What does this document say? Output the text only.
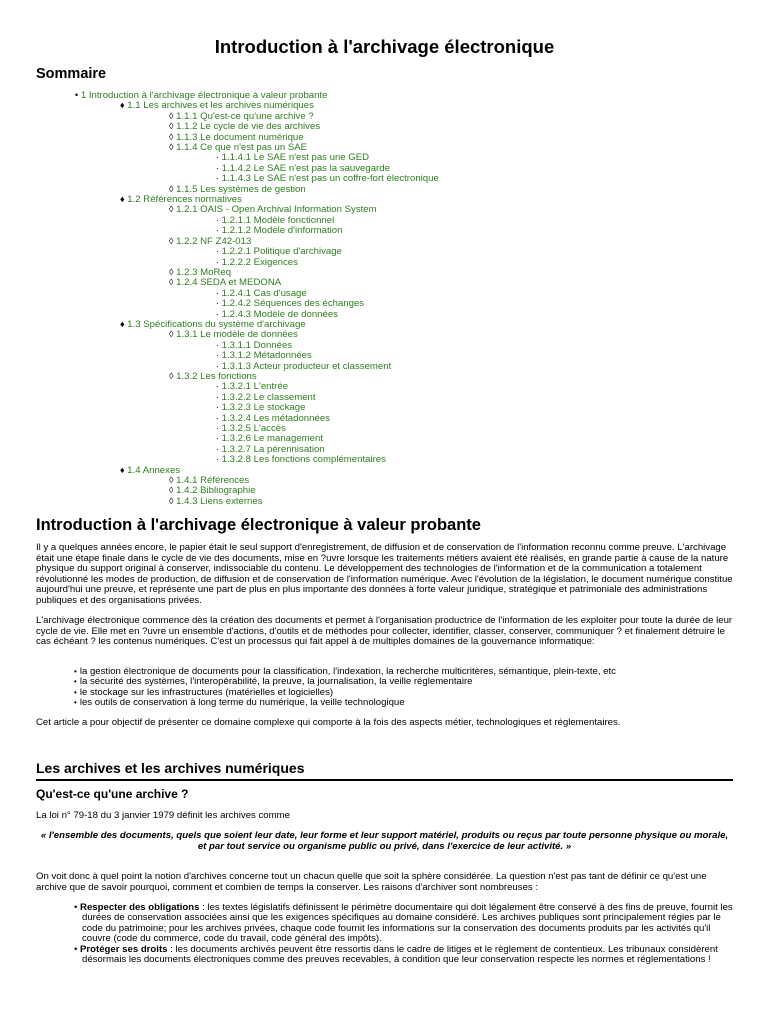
Introduction à l'archivage électronique
Sommaire
• 1 Introduction à l'archivage électronique à valeur probante
♦ 1.1 Les archives et les archives numériques
◊ 1.1.1 Qu'est-ce qu'une archive ?
◊ 1.1.2 Le cycle de vie des archives
◊ 1.1.3 Le document numérique
◊ 1.1.4 Ce que n'est pas un SAE
· 1.1.4.1 Le SAE n'est pas une GED
· 1.1.4.2 Le SAE n'est pas la sauvegarde
· 1.1.4.3 Le SAE n'est pas un coffre-fort électronique
◊ 1.1.5 Les systèmes de gestion
♦ 1.2 Références normatives
◊ 1.2.1 OAIS - Open Archival Information System
· 1.2.1.1 Modèle fonctionnel
· 1.2.1.2 Modèle d'information
◊ 1.2.2 NF Z42-013
· 1.2.2.1 Politique d'archivage
· 1.2.2.2 Exigences
◊ 1.2.3 MoReq
◊ 1.2.4 SEDA et MEDONA
· 1.2.4.1 Cas d'usage
· 1.2.4.2 Séquences des échanges
· 1.2.4.3 Modèle de données
♦ 1.3 Spécifications du système d'archivage
◊ 1.3.1 Le modèle de données
· 1.3.1.1 Données
· 1.3.1.2 Métadonnées
· 1.3.1.3 Acteur producteur et classement
◊ 1.3.2 Les fonctions
· 1.3.2.1 L'entrée
· 1.3.2.2 Le classement
· 1.3.2.3 Le stockage
· 1.3.2.4 Les métadonnées
· 1.3.2.5 L'accès
· 1.3.2.6 Le management
· 1.3.2.7 La pérennisation
· 1.3.2.8 Les fonctions complémentaires
♦ 1.4 Annexes
◊ 1.4.1 Références
◊ 1.4.2 Bibliographie
◊ 1.4.3 Liens externes
Introduction à l'archivage électronique à valeur probante

Il y a quelques années encore, le papier était le seul support d'enregistrement, de diffusion et de conservation de l'information reconnu comme preuve. L'archivage était une étape finale dans le cycle de vie des documents, mise en ?uvre lorsque les traitements métiers avaient été réalisés, en grande partie à cause de la nature physique du support original à conserver, indissociable du contenu. Le développement des technologies de l'information et de la communication a totalement révolutionné les modes de production, de diffusion et de conservation de l'information numérique. Avec l'évolution de la législation, le document numérique constitue aujourd'hui une preuve, et représente une part de plus en plus importante des données à forte valeur juridique, stratégique et patrimoniale des administrations publiques et des organisations privées.

L'archivage électronique commence dès la création des documents et permet à l'organisation productrice de l'information de les exploiter pour toute la durée de leur cycle de vie. Elle met en ?uvre un ensemble d'actions, d'outils et de méthodes pour collecter, identifier, classer, conserver, communiquer ? et finalement détruire le cas échéant ? les contenus numériques. C'est un processus qui fait appel à de multiples domaines de la gouvernance informatique:

• la gestion électronique de documents pour la classification, l'indexation, la recherche multicritères, sémantique, plein-texte, etc
• la sécurité des systèmes, l'interopérabilité, la preuve, la journalisation, la veille réglementaire
• le stockage sur les infrastructures (matérielles et logicielles)
• les outils de conservation à long terme du numérique, la veille technologique

Cet article a pour objectif de présenter ce domaine complexe qui comporte à la fois des aspects métier, technologiques et réglementaires.

Les archives et les archives numériques
Qu'est-ce qu'une archive ?

La loi n° 79-18 du 3 janvier 1979 définit les archives comme

« l'ensemble des documents, quels que soient leur date, leur forme et leur support matériel, produits ou reçus par toute personne physique ou morale, et par tout service ou organisme public ou privé, dans l'exercice de leur activité. »

On voit donc à quel point la notion d'archives concerne tout un chacun quelle que soit la sphère considérée. La question n'est pas tant de définir ce qu'est une archive que de savoir pourquoi, comment et combien de temps la conserver. Les raisons d'archiver sont nombreuses :

• Respecter des obligations : les textes législatifs définissent le périmètre documentaire qui doit légalement être conservé à des fins de preuve, fournit les durées de conservation associées ainsi que les exigences spécifiques au domaine considéré. Les archives publiques sont principalement régies par le code du patrimoine; pour les archives privées, chaque code fournit les informations sur la conservation des documents produits par les activités qu'il couvre (code du commerce, code du travail, code général des impôts).
• Protéger ses droits : les documents archivés peuvent être ressortis dans le cadre de litiges et le règlement de contentieux. Les tribunaux considèrent désormais les documents électroniques comme des preuves recevables, à condition que leur conservation respecte les normes et réglementations !
